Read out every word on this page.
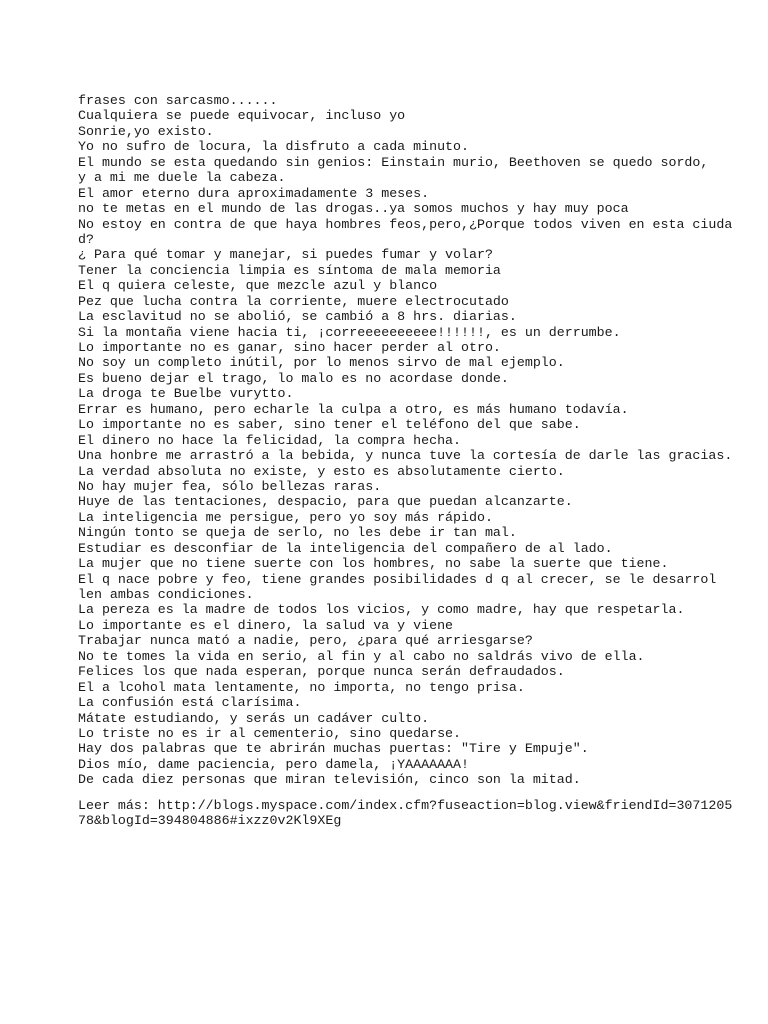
frases con sarcasmo......
Cualquiera se puede equivocar, incluso yo
Sonrie,yo existo.
Yo no sufro de locura, la disfruto a cada minuto.
El mundo se esta quedando sin genios: Einstain murio, Beethoven se quedo sordo,
y a mi me duele la cabeza.
El amor eterno dura aproximadamente 3 meses.
no te metas en el mundo de las drogas..ya somos muchos y hay muy poca
No estoy en contra de que haya hombres feos,pero,¿Porque todos viven en esta ciuda
d?
¿ Para qué tomar y manejar, si puedes fumar y volar?
Tener la conciencia limpia es síntoma de mala memoria
El q quiera celeste, que mezcle azul y blanco
Pez que lucha contra la corriente, muere electrocutado
La esclavitud no se abolió, se cambió a 8 hrs. diarias.
Si la montaña viene hacia ti, ¡correeeeeeeeee!!!!!!, es un derrumbe.
Lo importante no es ganar, sino hacer perder al otro.
No soy un completo inútil, por lo menos sirvo de mal ejemplo.
Es bueno dejar el trago, lo malo es no acordase donde.
La droga te Buelbe vurytto.
Errar es humano, pero echarle la culpa a otro, es más humano todavía.
Lo importante no es saber, sino tener el teléfono del que sabe.
El dinero no hace la felicidad, la compra hecha.
Una honbre me arrastró a la bebida, y nunca tuve la cortesía de darle las gracias.
La verdad absoluta no existe, y esto es absolutamente cierto.
No hay mujer fea, sólo bellezas raras.
Huye de las tentaciones, despacio, para que puedan alcanzarte.
La inteligencia me persigue, pero yo soy más rápido.
Ningún tonto se queja de serlo, no les debe ir tan mal.
Estudiar es desconfiar de la inteligencia del compañero de al lado.
La mujer que no tiene suerte con los hombres, no sabe la suerte que tiene.
El q nace pobre y feo, tiene grandes posibilidades d q al crecer, se le desarrol
len ambas condiciones.
La pereza es la madre de todos los vicios, y como madre, hay que respetarla.
Lo importante es el dinero, la salud va y viene
Trabajar nunca mató a nadie, pero, ¿para qué arriesgarse?
No te tomes la vida en serio, al fin y al cabo no saldrás vivo de ella.
Felices los que nada esperan, porque nunca serán defraudados.
El a lcohol mata lentamente, no importa, no tengo prisa.
La confusión está clarísima.
Mátate estudiando, y serás un cadáver culto.
Lo triste no es ir al cementerio, sino quedarse.
Hay dos palabras que te abrirán muchas puertas: "Tire y Empuje".
Dios mío, dame paciencia, pero damela, ¡YAAAAAAA!
De cada diez personas que miran televisión, cinco son la mitad.
Leer más: http://blogs.myspace.com/index.cfm?fuseaction=blog.view&friendId=3071205
78&blogId=394804886#ixzz0v2Kl9XEg
